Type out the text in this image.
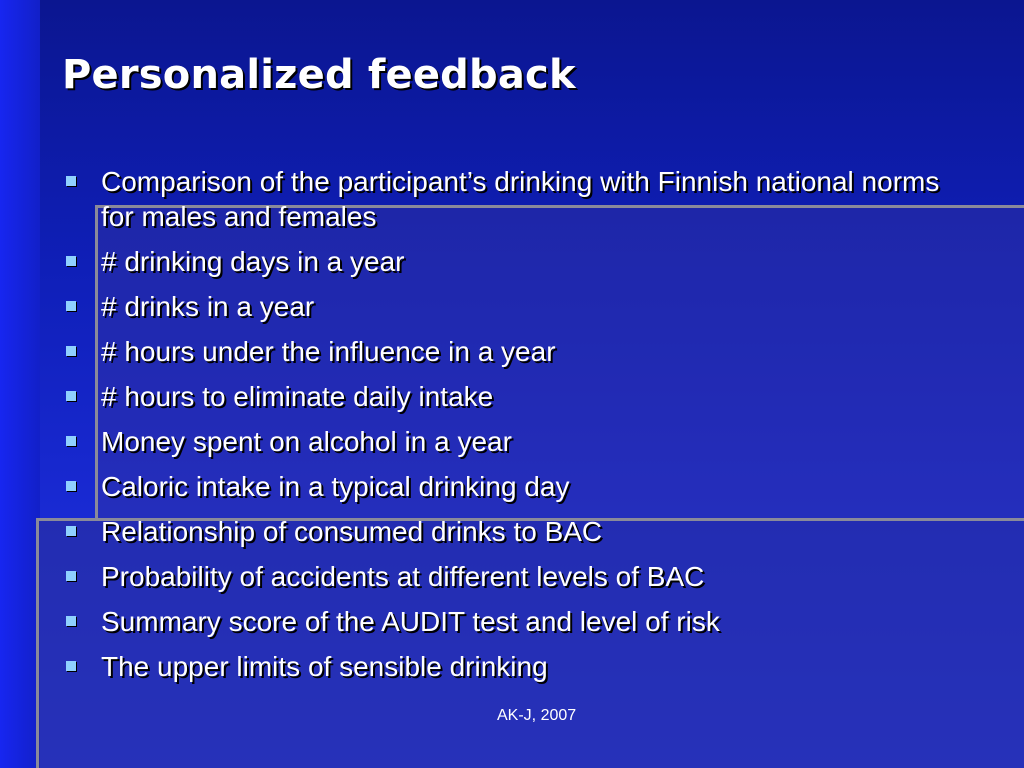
Personalized feedback
Comparison of the participant’s drinking with Finnish national norms for males and females
# drinking days in a year
# drinks in a year
# hours under the influence in a year
# hours to eliminate daily intake
Money spent on alcohol in a year
Caloric intake in a typical drinking day
Relationship of consumed drinks to BAC
Probability of accidents at different levels of BAC
Summary score of the AUDIT test and level of risk
The upper limits of sensible drinking
AK-J, 2007
